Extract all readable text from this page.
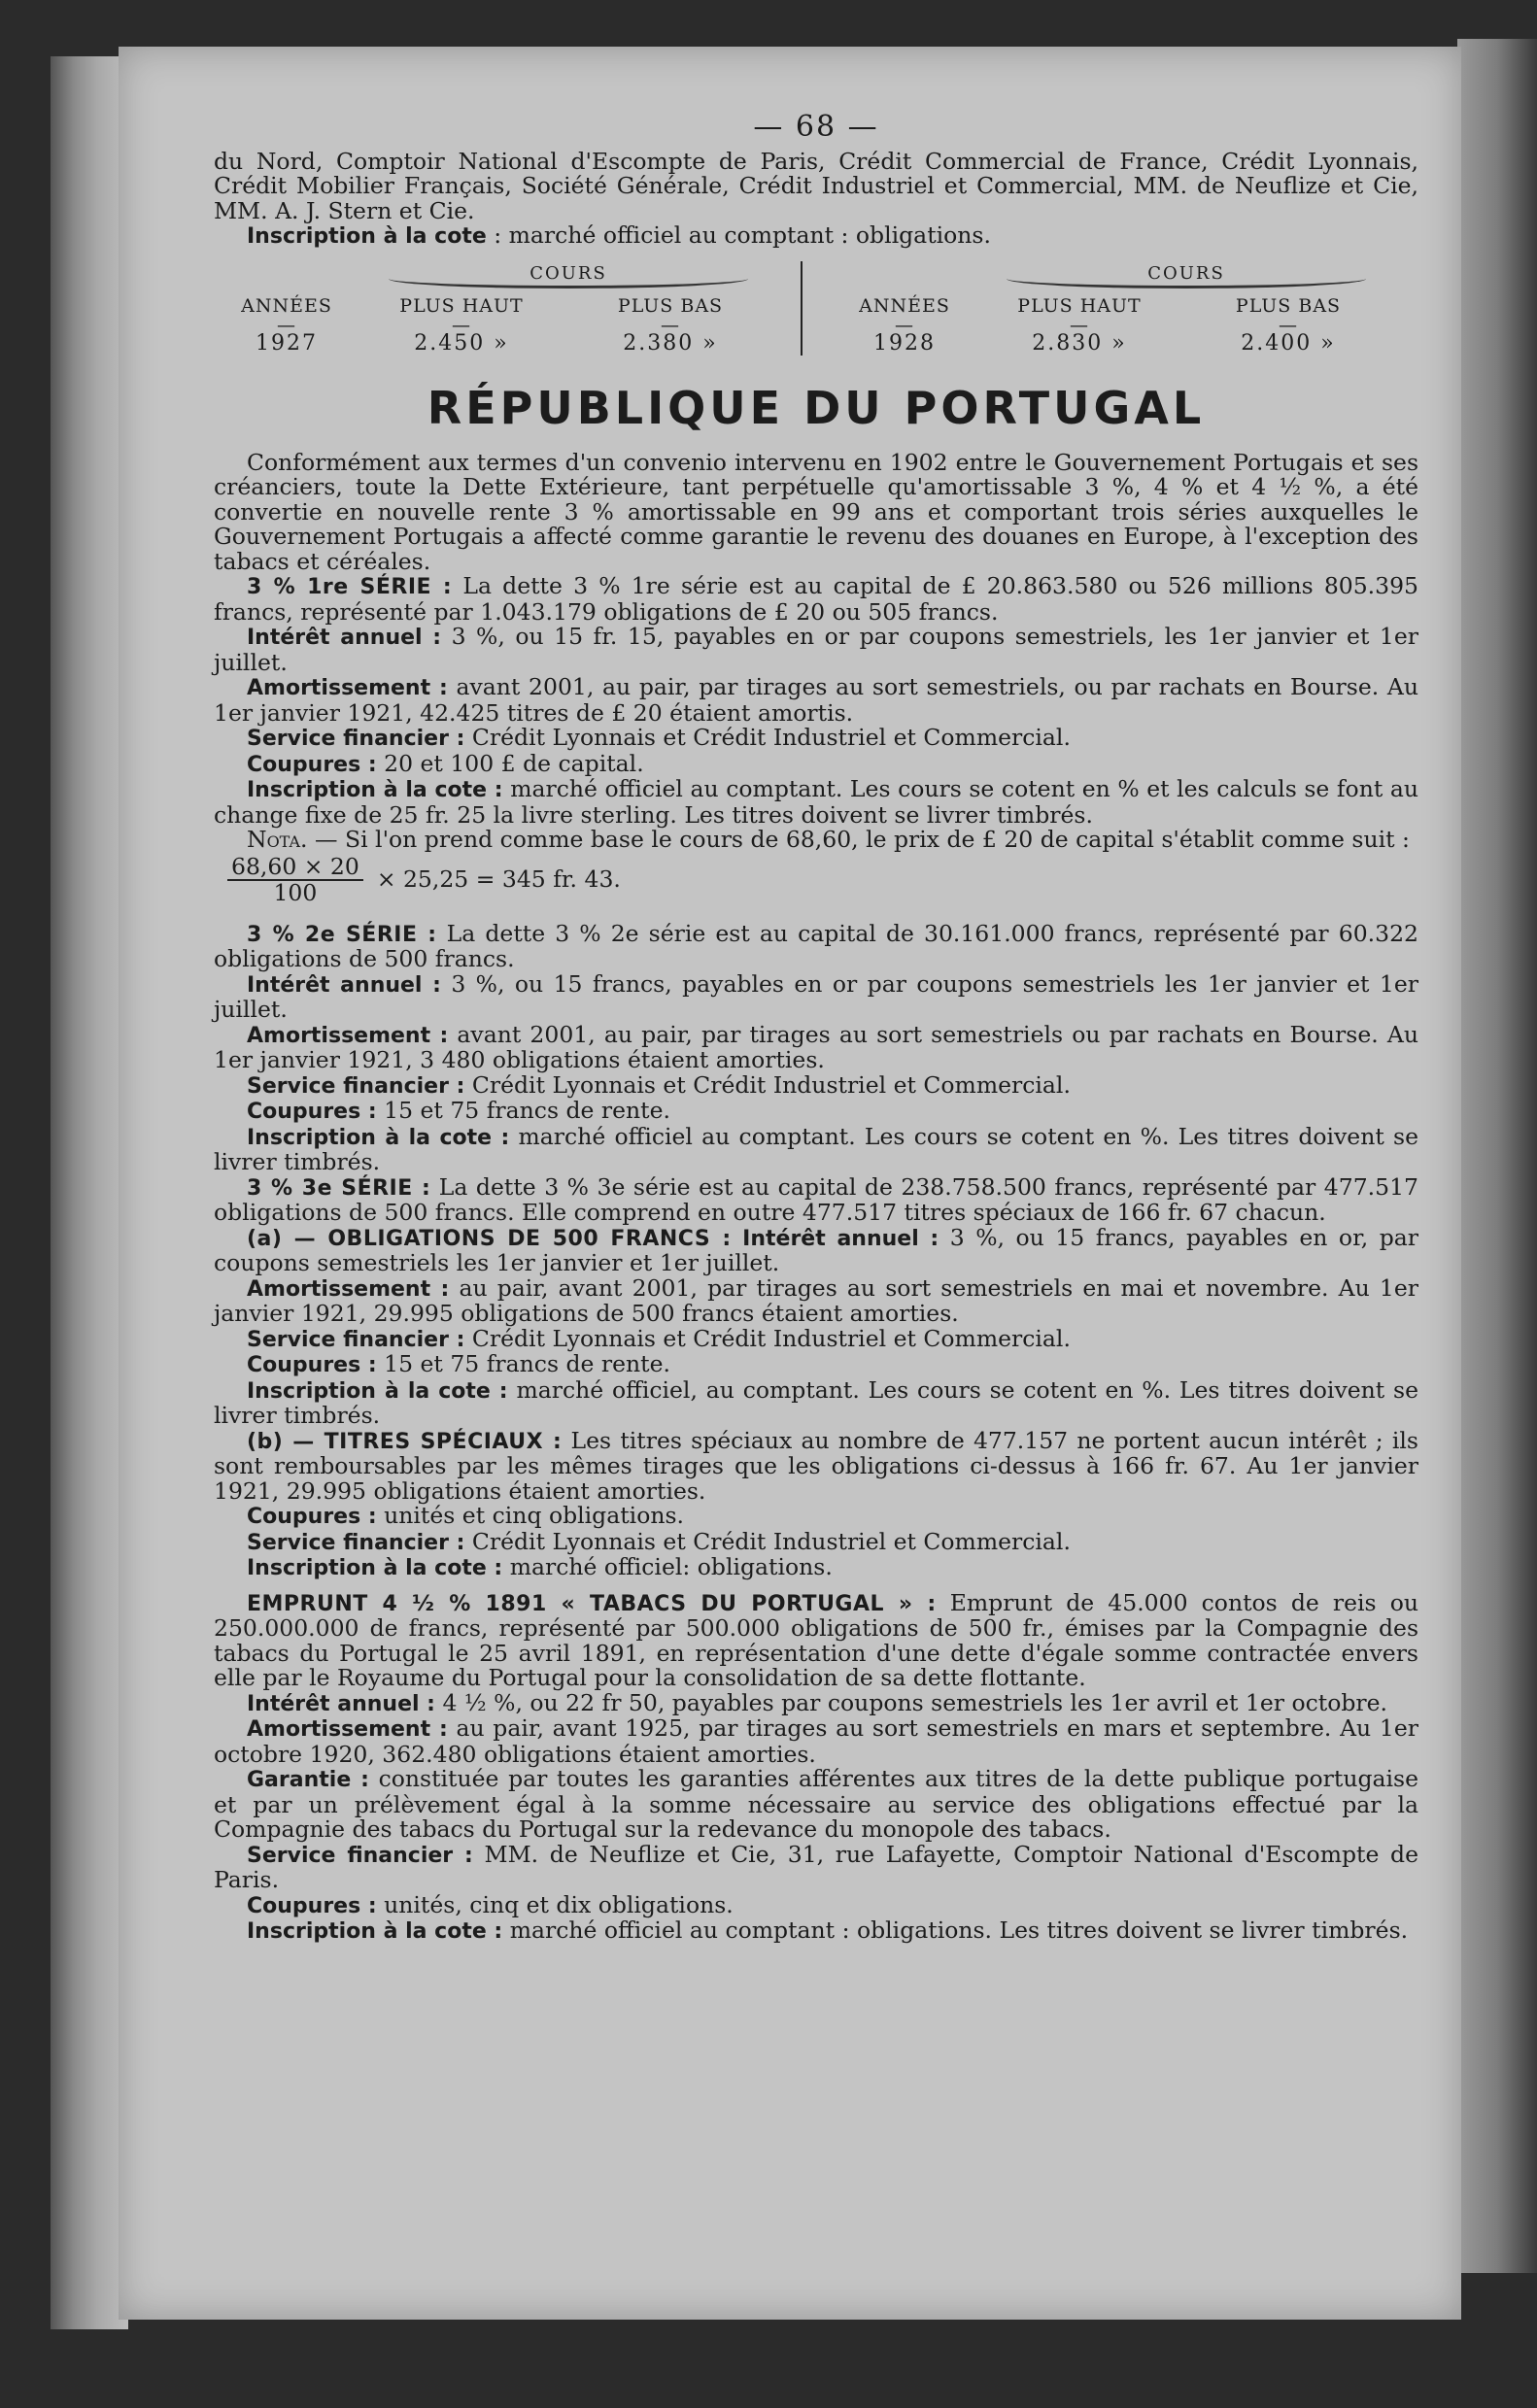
— 68 —

du Nord, Comptoir National d'Escompte de Paris, Crédit Commercial de France, Crédit Lyonnais, Crédit Mobilier Français, Société Générale, Crédit Industriel et Commercial, MM. de Neuflize et Cie, MM. A. J. Stern et Cie.

Inscription à la cote : marché officiel au comptant : obligations.

COURS
ANNÉES	PLUS HAUT	PLUS BAS
—	—	—
1927	2.450 »	2.380 »
COURS
ANNÉES	PLUS HAUT	PLUS BAS
—	—	—
1928	2.830 »	2.400 »
RÉPUBLIQUE DU PORTUGAL

Conformément aux termes d'un convenio intervenu en 1902 entre le Gouvernement Portugais et ses créanciers, toute la Dette Extérieure, tant perpétuelle qu'amortissable 3 %, 4 % et 4 ½ %, a été convertie en nouvelle rente 3 % amortissable en 99 ans et comportant trois séries auxquelles le Gouvernement Portugais a affecté comme garantie le revenu des douanes en Europe, à l'exception des tabacs et céréales.

3 % 1re SÉRIE : La dette 3 % 1re série est au capital de £ 20.863.580 ou 526 millions 805.395 francs, représenté par 1.043.179 obligations de £ 20 ou 505 francs.

Intérêt annuel : 3 %, ou 15 fr. 15, payables en or par coupons semestriels, les 1er janvier et 1er juillet.

Amortissement : avant 2001, au pair, par tirages au sort semestriels, ou par rachats en Bourse. Au 1er janvier 1921, 42.425 titres de £ 20 étaient amortis.

Service financier : Crédit Lyonnais et Crédit Industriel et Commercial.

Coupures : 20 et 100 £ de capital.

Inscription à la cote : marché officiel au comptant. Les cours se cotent en % et les calculs se font au change fixe de 25 fr. 25 la livre sterling. Les titres doivent se livrer timbrés.

Nota. — Si l'on prend comme base le cours de 68,60, le prix de £ 20 de capital s'établit comme suit :

$\frac{68,60 \times 20}{100} \times 25,25 = 345$ fr. 43.

3 % 2e SÉRIE : La dette 3 % 2e série est au capital de 30.161.000 francs, représenté par 60.322 obligations de 500 francs.

Intérêt annuel : 3 %, ou 15 francs, payables en or par coupons semestriels les 1er janvier et 1er juillet.

Amortissement : avant 2001, au pair, par tirages au sort semestriels ou par rachats en Bourse. Au 1er janvier 1921, 3 480 obligations étaient amorties.

Service financier : Crédit Lyonnais et Crédit Industriel et Commercial.

Coupures : 15 et 75 francs de rente.

Inscription à la cote : marché officiel au comptant. Les cours se cotent en %. Les titres doivent se livrer timbrés.

3 % 3e SÉRIE : La dette 3 % 3e série est au capital de 238.758.500 francs, représenté par 477.517 obligations de 500 francs. Elle comprend en outre 477.517 titres spéciaux de 166 fr. 67 chacun.

(a) — OBLIGATIONS DE 500 FRANCS : Intérêt annuel : 3 %, ou 15 francs, payables en or, par coupons semestriels les 1er janvier et 1er juillet.

Amortissement : au pair, avant 2001, par tirages au sort semestriels en mai et novembre. Au 1er janvier 1921, 29.995 obligations de 500 francs étaient amorties.

Service financier : Crédit Lyonnais et Crédit Industriel et Commercial.

Coupures : 15 et 75 francs de rente.

Inscription à la cote : marché officiel, au comptant. Les cours se cotent en %. Les titres doivent se livrer timbrés.

(b) — TITRES SPÉCIAUX : Les titres spéciaux au nombre de 477.157 ne portent aucun intérêt ; ils sont remboursables par les mêmes tirages que les obligations ci-dessus à 166 fr. 67. Au 1er janvier 1921, 29.995 obligations étaient amorties.

Coupures : unités et cinq obligations.

Service financier : Crédit Lyonnais et Crédit Industriel et Commercial.

Inscription à la cote : marché officiel: obligations.

EMPRUNT 4 ½ % 1891 « TABACS DU PORTUGAL » : Emprunt de 45.000 contos de reis ou 250.000.000 de francs, représenté par 500.000 obligations de 500 fr., émises par la Compagnie des tabacs du Portugal le 25 avril 1891, en représentation d'une dette d'égale somme contractée envers elle par le Royaume du Portugal pour la consolidation de sa dette flottante.

Intérêt annuel : 4 ½ %, ou 22 fr 50, payables par coupons semestriels les 1er avril et 1er octobre.

Amortissement : au pair, avant 1925, par tirages au sort semestriels en mars et septembre. Au 1er octobre 1920, 362.480 obligations étaient amorties.

Garantie : constituée par toutes les garanties afférentes aux titres de la dette publique portugaise et par un prélèvement égal à la somme nécessaire au service des obligations effectué par la Compagnie des tabacs du Portugal sur la redevance du monopole des tabacs.

Service financier : MM. de Neuflize et Cie, 31, rue Lafayette, Comptoir National d'Escompte de Paris.

Coupures : unités, cinq et dix obligations.

Inscription à la cote : marché officiel au comptant : obligations. Les titres doivent se livrer timbrés.
